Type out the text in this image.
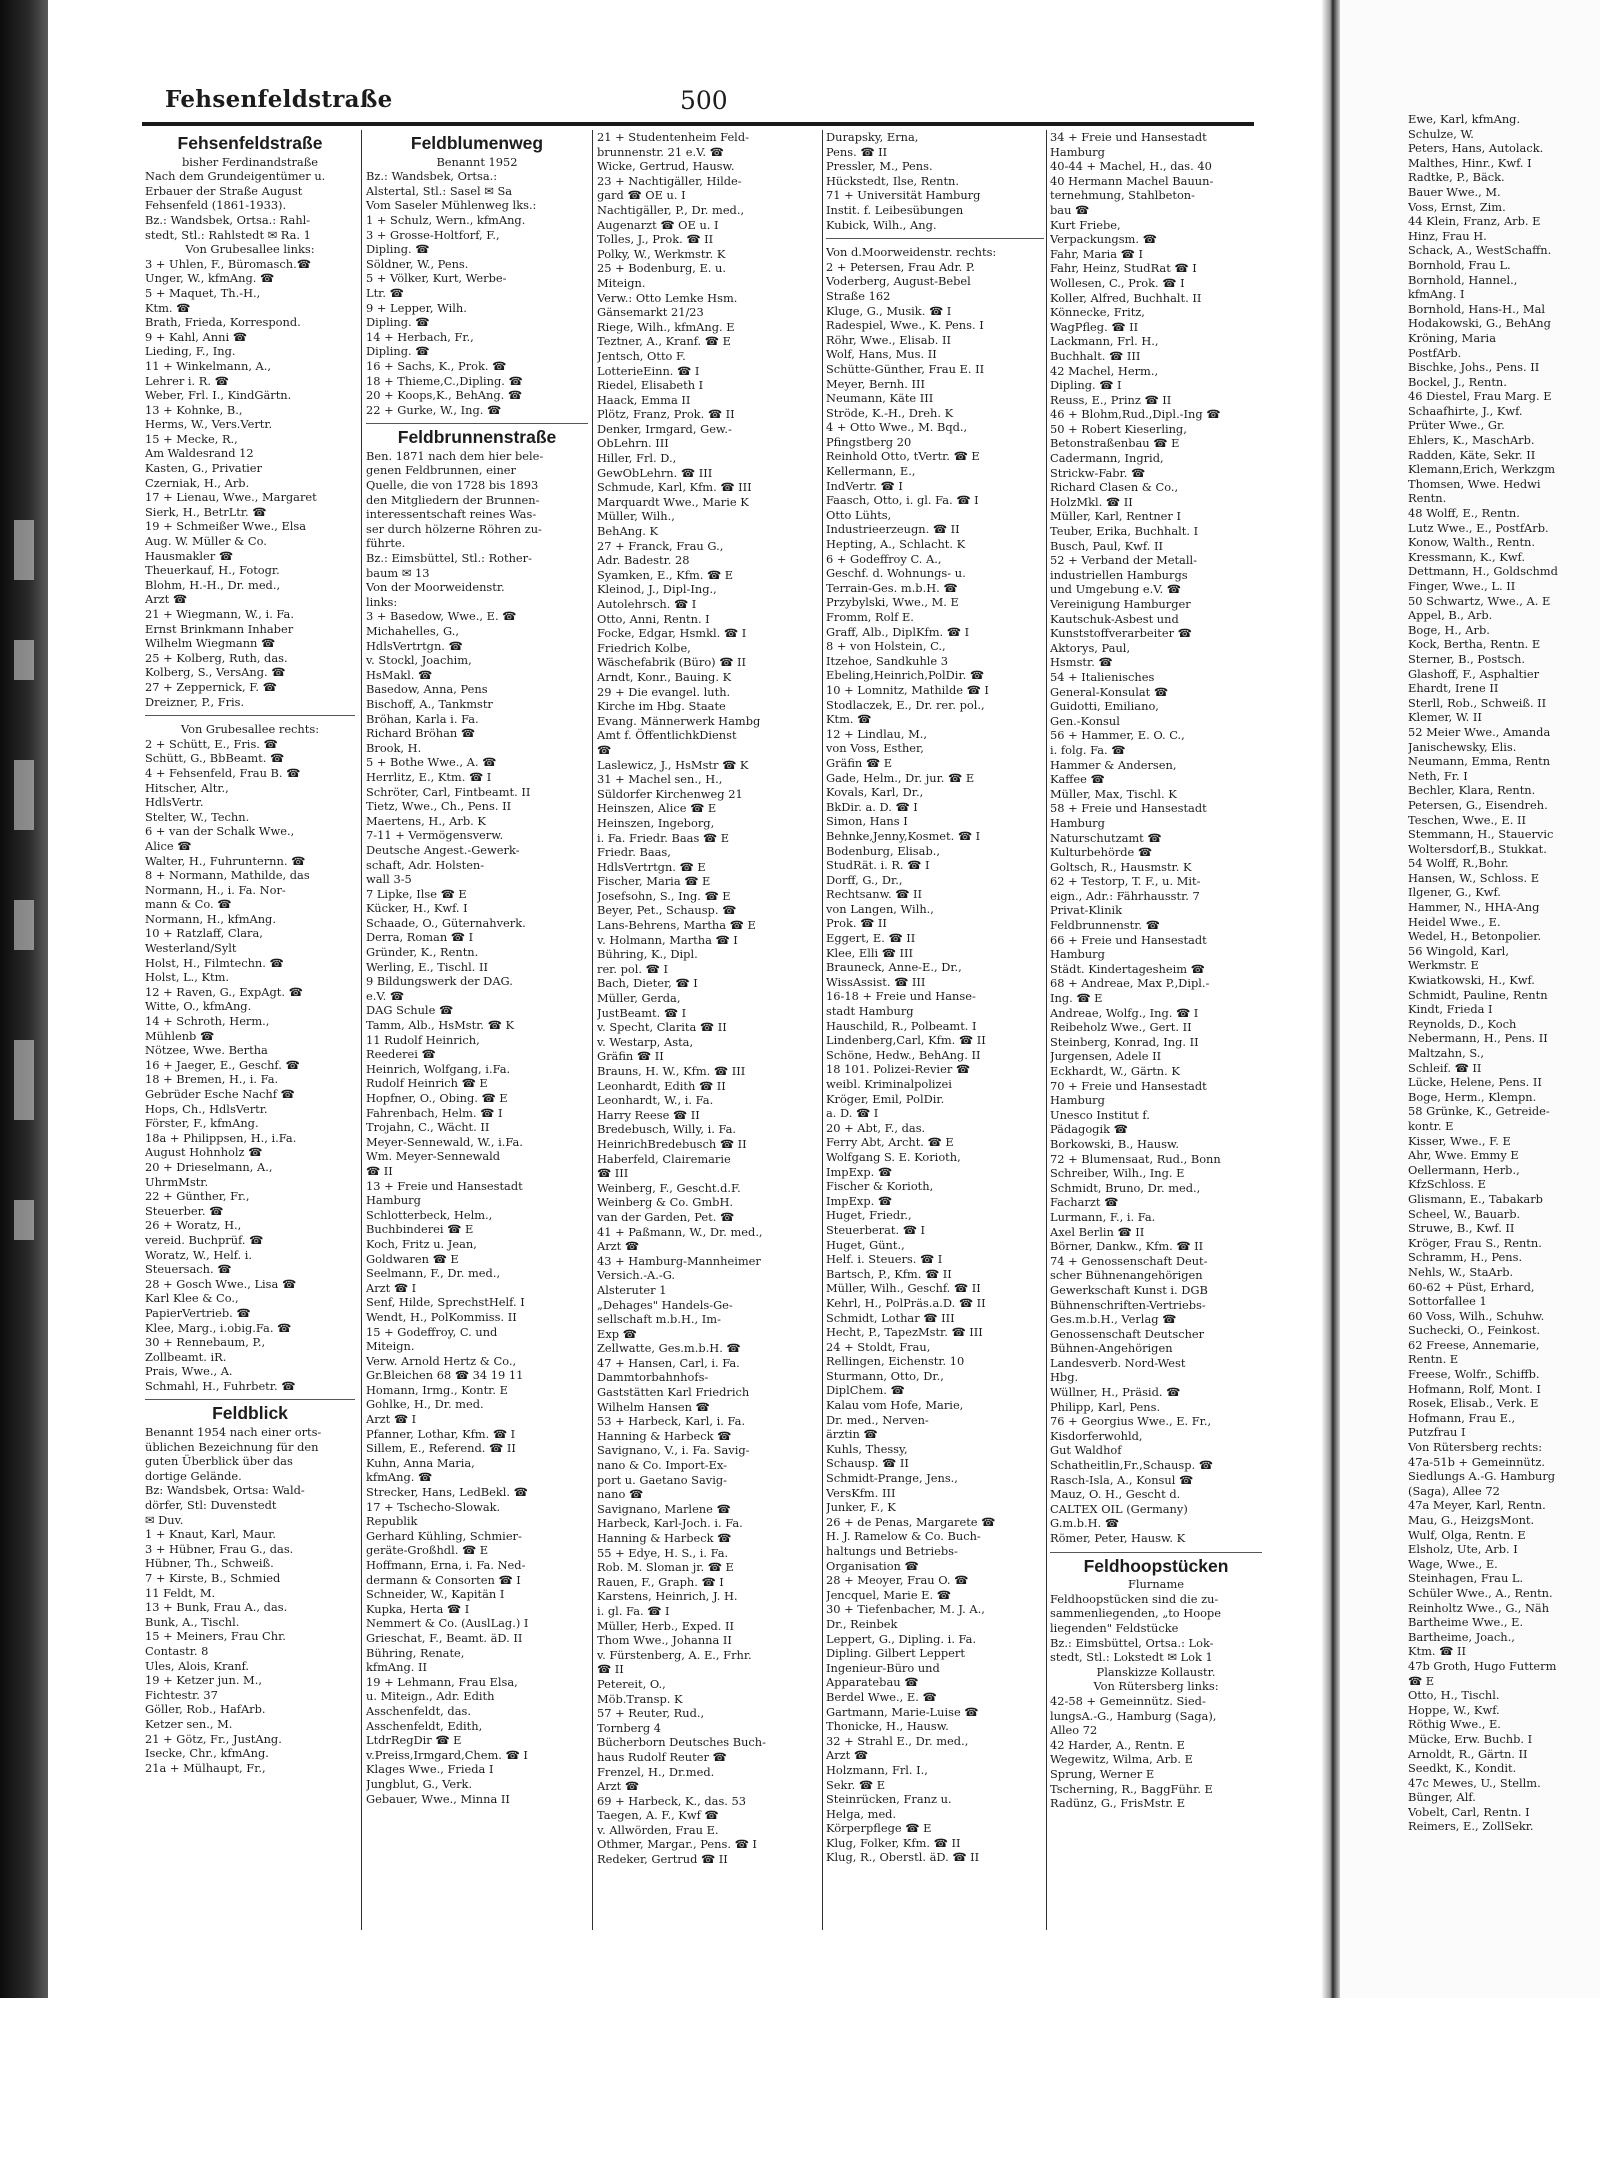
Fehsenfeldstraße	500
Fehsenfeldstraße
bisher Ferdinandstraße
Nach dem Grundeigentümer u.
Erbauer der Straße August
Fehsenfeld (1861-1933).
Bz.: Wandsbek, Ortsa.: Rahl-
stedt, Stl.: Rahlstedt ✉ Ra. 1
Von Grubesallee links:
3 + Uhlen, F., Büromasch.☎
Unger, W., kfmAng. ☎
5 + Maquet, Th.-H.,
Ktm. ☎
Brath, Frieda, Korrespond.
9 + Kahl, Anni ☎
Lieding, F., Ing.
11 + Winkelmann, A.,
Lehrer i. R. ☎
Weber, Frl. I., KindGärtn.
13 + Kohnke, B.,
Herms, W., Vers.Vertr.
15 + Mecke, R.,
Am Waldesrand 12
Kasten, G., Privatier
Czerniak, H., Arb.
17 + Lienau, Wwe., Margaret
Sierk, H., BetrLtr. ☎
19 + Schmeißer Wwe., Elsa
Aug. W. Müller & Co.
Hausmakler ☎
Theuerkauf, H., Fotogr.
Blohm, H.-H., Dr. med.,
Arzt ☎
21 + Wiegmann, W., i. Fa.
Ernst Brinkmann Inhaber
Wilhelm Wiegmann ☎
25 + Kolberg, Ruth, das.
Kolberg, S., VersAng. ☎
27 + Zeppernick, F. ☎
Dreizner, P., Fris.
Von Grubesallee rechts:
2 + Schütt, E., Fris. ☎
Schütt, G., BbBeamt. ☎
4 + Fehsenfeld, Frau B. ☎
Hitscher, Altr.,
HdlsVertr.
Stelter, W., Techn.
6 + van der Schalk Wwe.,
Alice ☎
Walter, H., Fuhrunternn. ☎
8 + Normann, Mathilde, das
Normann, H., i. Fa. Nor-
mann & Co. ☎
Normann, H., kfmAng.
10 + Ratzlaff, Clara,
Westerland/Sylt
Holst, H., Filmtechn. ☎
Holst, L., Ktm.
12 + Raven, G., ExpAgt. ☎
Witte, O., kfmAng.
14 + Schroth, Herm.,
Mühlenb ☎
Nötzee, Wwe. Bertha
16 + Jaeger, E., Geschf. ☎
18 + Bremen, H., i. Fa.
Gebrüder Esche Nachf ☎
Hops, Ch., HdlsVertr.
Förster, F., kfmAng.
18a + Philippsen, H., i.Fa.
August Hohnholz ☎
20 + Drieselmann, A.,
UhrmMstr.
22 + Günther, Fr.,
Steuerber. ☎
26 + Woratz, H.,
vereid. Buchprüf. ☎
Woratz, W., Helf. i.
Steuersach. ☎
28 + Gosch Wwe., Lisa ☎
Karl Klee & Co.,
PapierVertrieb. ☎
Klee, Marg., i.obig.Fa. ☎
30 + Rennebaum, P.,
Zollbeamt. iR.
Prais, Wwe., A.
Schmahl, H., Fuhrbetr. ☎
Feldblick
Benannt 1954 nach einer orts-
üblichen Bezeichnung für den
guten Überblick über das
dortige Gelände.
Bz: Wandsbek, Ortsa: Wald-
dörfer, Stl: Duvenstedt
✉ Duv.
1 + Knaut, Karl, Maur.
3 + Hübner, Frau G., das.
Hübner, Th., Schweiß.
7 + Kirste, B., Schmied
11 Feldt, M.
13 + Bunk, Frau A., das.
Bunk, A., Tischl.
15 + Meiners, Frau Chr.
Contastr. 8
Ules, Alois, Kranf.
19 + Ketzer jun. M.,
Fichtestr. 37
Göller, Rob., HafArb.
Ketzer sen., M.
21 + Götz, Fr., JustAng.
Isecke, Chr., kfmAng.
21a + Mülhaupt, Fr.,
Feldblumenweg
Benannt 1952
Bz.: Wandsbek, Ortsa.:
Alstertal, Stl.: Sasel ✉ Sa
Vom Saseler Mühlenweg lks.:
1 + Schulz, Wern., kfmAng.
3 + Grosse-Holtforf, F.,
Dipling. ☎
Söldner, W., Pens.
5 + Völker, Kurt, Werbe-
Ltr. ☎
9 + Lepper, Wilh.
Dipling. ☎
14 + Herbach, Fr.,
Dipling. ☎
16 + Sachs, K., Prok. ☎
18 + Thieme,C.,Dipling. ☎
20 + Koops,K., BehAng. ☎
22 + Gurke, W., Ing. ☎
Feldbrunnenstraße
Ben. 1871 nach dem hier bele-
genen Feldbrunnen, einer
Quelle, die von 1728 bis 1893
den Mitgliedern der Brunnen-
interessentschaft reines Was-
ser durch hölzerne Röhren zu-
führte.
Bz.: Eimsbüttel, Stl.: Rother-
baum ✉ 13
Von der Moorweidenstr.
links:
3 + Basedow, Wwe., E. ☎
Michahelles, G.,
HdlsVertrtgn. ☎
v. Stockl, Joachim,
HsMakl. ☎
Basedow, Anna, Pens
Bischoff, A., Tankmstr
Bröhan, Karla i. Fa.
Richard Bröhan ☎
Brook, H.
5 + Bothe Wwe., A. ☎
Herrlitz, E., Ktm. ☎ I
Schröter, Carl, Fintbeamt. II
Tietz, Wwe., Ch., Pens. II
Maertens, H., Arb. K
7-11 + Vermögensverw.
Deutsche Angest.-Gewerk-
schaft, Adr. Holsten-
wall 3-5
7 Lipke, Ilse ☎ E
Kücker, H., Kwf. I
Schaade, O., Güternahverk.
Derra, Roman ☎ I
Gründer, K., Rentn.
Werling, E., Tischl. II
9 Bildungswerk der DAG.
e.V. ☎
DAG Schule ☎
Tamm, Alb., HsMstr. ☎ K
11 Rudolf Heinrich,
Reederei ☎
Heinrich, Wolfgang, i.Fa.
Rudolf Heinrich ☎ E
Hopfner, O., Obing. ☎ E
Fahrenbach, Helm. ☎ I
Trojahn, C., Wächt. II
Meyer-Sennewald, W., i.Fa.
Wm. Meyer-Sennewald
☎ II
13 + Freie und Hansestadt
Hamburg
Schlotterbeck, Helm.,
Buchbinderei ☎ E
Koch, Fritz u. Jean,
Goldwaren ☎ E
Seelmann, F., Dr. med.,
Arzt ☎ I
Senf, Hilde, SprechstHelf. I
Wendt, H., PolKommiss. II
15 + Godeffroy, C. und
Miteign.
Verw. Arnold Hertz & Co.,
Gr.Bleichen 68 ☎ 34 19 11
Homann, Irmg., Kontr. E
Gohlke, H., Dr. med.
Arzt ☎ I
Pfanner, Lothar, Kfm. ☎ I
Sillem, E., Referend. ☎ II
Kuhn, Anna Maria,
kfmAng. ☎
Strecker, Hans, LedBekl. ☎
17 + Tschecho-Slowak.
Republik
Gerhard Kühling, Schmier-
geräte-Großhdl. ☎ E
Hoffmann, Erna, i. Fa. Ned-
dermann & Consorten ☎ I
Schneider, W., Kapitän I
Kupka, Herta ☎ I
Nemmert & Co. (AuslLag.) I
Grieschat, F., Beamt. äD. II
Bühring, Renate,
kfmAng. II
19 + Lehmann, Frau Elsa,
u. Miteign., Adr. Edith
Asschenfeldt, das.
Asschenfeldt, Edith,
LtdrRegDir ☎ E
v.Preiss,Irmgard,Chem. ☎ I
Klages Wwe., Frieda I
Jungblut, G., Verk.
Gebauer, Wwe., Minna II
21 + Studentenheim Feld-
brunnenstr. 21 e.V. ☎
Wicke, Gertrud, Hausw.
23 + Nachtigäller, Hilde-
gard ☎ OE u. I
Nachtigäller, P., Dr. med.,
Augenarzt ☎ OE u. I
Tolles, J., Prok. ☎ II
Polky, W., Werkmstr. K
25 + Bodenburg, E. u.
Miteign.
Verw.: Otto Lemke Hsm.
Gänsemarkt 21/23
Riege, Wilh., kfmAng. E
Teztner, A., Kranf. ☎ E
Jentsch, Otto F.
LotterieEinn. ☎ I
Riedel, Elisabeth I
Haack, Emma II
Plötz, Franz, Prok. ☎ II
Denker, Irmgard, Gew.-
ObLehrn. III
Hiller, Frl. D.,
GewObLehrn. ☎ III
Schmude, Karl, Kfm. ☎ III
Marquardt Wwe., Marie K
Müller, Wilh.,
BehAng. K
27 + Franck, Frau G.,
Adr. Badestr. 28
Syamken, E., Kfm. ☎ E
Kleinod, J., Dipl-Ing.,
Autolehrsch. ☎ I
Otto, Anni, Rentn. I
Focke, Edgar, Hsmkl. ☎ I
Friedrich Kolbe,
Wäschefabrik (Büro) ☎ II
Arndt, Konr., Bauing. K
29 + Die evangel. luth.
Kirche im Hbg. Staate
Evang. Männerwerk Hambg
Amt f. ÖffentlichkDienst
☎
Laslewicz, J., HsMstr ☎ K
31 + Machel sen., H.,
Süldorfer Kirchenweg 21
Heinszen, Alice ☎ E
Heinszen, Ingeborg,
i. Fa. Friedr. Baas ☎ E
Friedr. Baas,
HdlsVertrtgn. ☎ E
Fischer, Maria ☎ E
Josefsohn, S., Ing. ☎ E
Beyer, Pet., Schausp. ☎
Lans-Behrens, Martha ☎ E
v. Holmann, Martha ☎ I
Bühring, K., Dipl.
rer. pol. ☎ I
Bach, Dieter, ☎ I
Müller, Gerda,
JustBeamt. ☎ I
v. Specht, Clarita ☎ II
v. Westarp, Asta,
Gräfin ☎ II
Brauns, H. W., Kfm. ☎ III
Leonhardt, Edith ☎ II
Leonhardt, W., i. Fa.
Harry Reese ☎ II
Bredebusch, Willy, i. Fa.
HeinrichBredebusch ☎ II
Haberfeld, Clairemarie
☎ III
Weinberg, F., Gescht.d.F.
Weinberg & Co. GmbH.
van der Garden, Pet. ☎
41 + Paßmann, W., Dr. med.,
Arzt ☎
43 + Hamburg-Mannheimer
Versich.-A.-G.
Alsteruter 1
„Dehages" Handels-Ge-
sellschaft m.b.H., Im-
Exp ☎
Zellwatte, Ges.m.b.H. ☎
47 + Hansen, Carl, i. Fa.
Dammtorbahnhofs-
Gaststätten Karl Friedrich
Wilhelm Hansen ☎
53 + Harbeck, Karl, i. Fa.
Hanning & Harbeck ☎
Savignano, V., i. Fa. Savig-
nano & Co. Import-Ex-
port u. Gaetano Savig-
nano ☎
Savignano, Marlene ☎
Harbeck, Karl-Joch. i. Fa.
Hanning & Harbeck ☎
55 + Edye, H. S., i. Fa.
Rob. M. Sloman jr. ☎ E
Rauen, F., Graph. ☎ I
Karstens, Heinrich, J. H.
i. gl. Fa. ☎ I
Müller, Herb., Exped. II
Thom Wwe., Johanna II
v. Fürstenberg, A. E., Frhr.
☎ II
Petereit, O.,
Möb.Transp. K
57 + Reuter, Rud.,
Tornberg 4
Bücherborn Deutsches Buch-
haus Rudolf Reuter ☎
Frenzel, H., Dr.med.
Arzt ☎
69 + Harbeck, K., das. 53
Taegen, A. F., Kwf ☎
v. Allwörden, Frau E.
Othmer, Margar., Pens. ☎ I
Redeker, Gertrud ☎ II
Durapsky, Erna,
Pens. ☎ II
Pressler, M., Pens.
Hückstedt, Ilse, Rentn.
71 + Universität Hamburg
Instit. f. Leibesübungen
Kubick, Wilh., Ang.
Von d.Moorweidenstr. rechts:
2 + Petersen, Frau Adr. P.
Voderberg, August-Bebel
Straße 162
Kluge, G., Musik. ☎ I
Radespiel, Wwe., K. Pens. I
Röhr, Wwe., Elisab. II
Wolf, Hans, Mus. II
Schütte-Günther, Frau E. II
Meyer, Bernh. III
Neumann, Käte III
Ströde, K.-H., Dreh. K
4 + Otto Wwe., M. Bqd.,
Pfingstberg 20
Reinhold Otto, tVertr. ☎ E
Kellermann, E.,
IndVertr. ☎ I
Faasch, Otto, i. gl. Fa. ☎ I
Otto Lühts,
Industrieerzeugn. ☎ II
Hepting, A., Schlacht. K
6 + Godeffroy C. A.,
Geschf. d. Wohnungs- u.
Terrain-Ges. m.b.H. ☎
Przybylski, Wwe., M. E
Fromm, Rolf E.
Graff, Alb., DiplKfm. ☎ I
8 + von Holstein, C.,
Itzehoe, Sandkuhle 3
Ebeling,Heinrich,PolDir. ☎
10 + Lomnitz, Mathilde ☎ I
Stodlaczek, E., Dr. rer. pol.,
Ktm. ☎
12 + Lindlau, M.,
von Voss, Esther,
Gräfin ☎ E
Gade, Helm., Dr. jur. ☎ E
Kovals, Karl, Dr.,
BkDir. a. D. ☎ I
Simon, Hans I
Behnke,Jenny,Kosmet. ☎ I
Bodenburg, Elisab.,
StudRät. i. R. ☎ I
Dorff, G., Dr.,
Rechtsanw. ☎ II
von Langen, Wilh.,
Prok. ☎ II
Eggert, E. ☎ II
Klee, Elli ☎ III
Brauneck, Anne-E., Dr.,
WissAssist. ☎ III
16-18 + Freie und Hanse-
stadt Hamburg
Hauschild, R., Polbeamt. I
Lindenberg,Carl, Kfm. ☎ II
Schöne, Hedw., BehAng. II
18 101. Polizei-Revier ☎
weibl. Kriminalpolizei
Kröger, Emil, PolDir.
a. D. ☎ I
20 + Abt, F., das.
Ferry Abt, Archt. ☎ E
Wolfgang S. E. Korioth,
ImpExp. ☎
Fischer & Korioth,
ImpExp. ☎
Huget, Friedr.,
Steuerberat. ☎ I
Huget, Günt.,
Helf. i. Steuers. ☎ I
Bartsch, P., Kfm. ☎ II
Müller, Wilh., Geschf. ☎ II
Kehrl, H., PolPräs.a.D. ☎ II
Schmidt, Lothar ☎ III
Hecht, P., TapezMstr. ☎ III
24 + Stoldt, Frau,
Rellingen, Eichenstr. 10
Sturmann, Otto, Dr.,
DiplChem. ☎
Kalau vom Hofe, Marie,
Dr. med., Nerven-
ärztin ☎
Kuhls, Thessy,
Schausp. ☎ II
Schmidt-Prange, Jens.,
VersKfm. III
Junker, F., K
26 + de Penas, Margarete ☎
H. J. Ramelow & Co. Buch-
haltungs und Betriebs-
Organisation ☎
28 + Meoyer, Frau O. ☎
Jencquel, Marie E. ☎
30 + Tiefenbacher, M. J. A.,
Dr., Reinbek
Leppert, G., Dipling. i. Fa.
Dipling. Gilbert Leppert
Ingenieur-Büro und
Apparatebau ☎
Berdel Wwe., E. ☎
Gartmann, Marie-Luise ☎
Thonicke, H., Hausw.
32 + Strahl E., Dr. med.,
Arzt ☎
Holzmann, Frl. I.,
Sekr. ☎ E
Steinrücken, Franz u.
Helga, med.
Körperpflege ☎ E
Klug, Folker, Kfm. ☎ II
Klug, R., Oberstl. äD. ☎ II
34 + Freie und Hansestadt
Hamburg
40-44 + Machel, H., das. 40
40 Hermann Machel Bauun-
ternehmung, Stahlbeton-
bau ☎
Kurt Friebe,
Verpackungsm. ☎
Fahr, Maria ☎ I
Fahr, Heinz, StudRat ☎ I
Wollesen, C., Prok. ☎ I
Koller, Alfred, Buchhalt. II
Könnecke, Fritz,
WagPfleg. ☎ II
Lackmann, Frl. H.,
Buchhalt. ☎ III
42 Machel, Herm.,
Dipling. ☎ I
Reuss, E., Prinz ☎ II
46 + Blohm,Rud.,Dipl.-Ing ☎
50 + Robert Kieserling,
Betonstraßenbau ☎ E
Cadermann, Ingrid,
Strickw-Fabr. ☎
Richard Clasen & Co.,
HolzMkl. ☎ II
Müller, Karl, Rentner I
Teuber, Erika, Buchhalt. I
Busch, Paul, Kwf. II
52 + Verband der Metall-
industriellen Hamburgs
und Umgebung e.V. ☎
Vereinigung Hamburger
Kautschuk-Asbest und
Kunststoffverarbeiter ☎
Aktorys, Paul,
Hsmstr. ☎
54 + Italienisches
General-Konsulat ☎
Guidotti, Emiliano,
Gen.-Konsul
56 + Hammer, E. O. C.,
i. folg. Fa. ☎
Hammer & Andersen,
Kaffee ☎
Müller, Max, Tischl. K
58 + Freie und Hansestadt
Hamburg
Naturschutzamt ☎
Kulturbehörde ☎
Goltsch, R., Hausmstr. K
62 + Testorp, T. F., u. Mit-
eign., Adr.: Fährhausstr. 7
Privat-Klinik
Feldbrunnenstr. ☎
66 + Freie und Hansestadt
Hamburg
Städt. Kindertagesheim ☎
68 + Andreae, Max P.,Dipl.-
Ing. ☎ E
Andreae, Wolfg., Ing. ☎ I
Reibeholz Wwe., Gert. II
Steinberg, Konrad, Ing. II
Jurgensen, Adele II
Eckhardt, W., Gärtn. K
70 + Freie und Hansestadt
Hamburg
Unesco Institut f.
Pädagogik ☎
Borkowski, B., Hausw.
72 + Blumensaat, Rud., Bonn
Schreiber, Wilh., Ing. E
Schmidt, Bruno, Dr. med.,
Facharzt ☎
Lurmann, F., i. Fa.
Axel Berlin ☎ II
Börner, Dankw., Kfm. ☎ II
74 + Genossenschaft Deut-
scher Bühnenangehörigen
Gewerkschaft Kunst i. DGB
Bühnenschriften-Vertriebs-
Ges.m.b.H., Verlag ☎
Genossenschaft Deutscher
Bühnen-Angehörigen
Landesverb. Nord-West
Hbg.
Wüllner, H., Präsid. ☎
Philipp, Karl, Pens.
76 + Georgius Wwe., E. Fr.,
Kisdorferwohld,
Gut Waldhof
Schatheitlin,Fr.,Schausp. ☎
Rasch-Isla, A., Konsul ☎
Mauz, O. H., Gescht d.
CALTEX OIL (Germany)
G.m.b.H. ☎
Römer, Peter, Hausw. K
Feldhoopstücken
Flurname
Feldhoopstücken sind die zu-
sammenliegenden, „to Hoope
liegenden" Feldstücke
Bz.: Eimsbüttel, Ortsa.: Lok-
stedt, Stl.: Lokstedt ✉ Lok 1
Planskizze Kollaustr.
Von Rütersberg links:
42-58 + Gemeinnütz. Sied-
lungsA.-G., Hamburg (Saga),
Alleo 72
42 Harder, A., Rentn. E
Wegewitz, Wilma, Arb. E
Sprung, Werner E
Tscherning, R., BaggFühr. E
Radünz, G., FrisMstr. E
Ewe, Karl, kfmAng.
Schulze, W.
Peters, Hans, Autolack.
Malthes, Hinr., Kwf. I
Radtke, P., Bäck.
Bauer Wwe., M.
Voss, Ernst, Zim.
44 Klein, Franz, Arb. E
Hinz, Frau H.
Schack, A., WestSchaffn.
Bornhold, Frau L.
Bornhold, Hannel.,
kfmAng. I
Bornhold, Hans-H., Mal
Hodakowski, G., BehAng
Kröning, Maria
PostfArb.
Bischke, Johs., Pens. II
Bockel, J., Rentn.
46 Diestel, Frau Marg. E
Schaafhirte, J., Kwf.
Prüter Wwe., Gr.
Ehlers, K., MaschArb.
Radden, Käte, Sekr. II
Klemann,Erich, Werkzgm
Thomsen, Wwe. Hedwi
Rentn.
48 Wolff, E., Rentn.
Lutz Wwe., E., PostfArb.
Konow, Walth., Rentn.
Kressmann, K., Kwf.
Dettmann, H., Goldschmd
Finger, Wwe., L. II
50 Schwartz, Wwe., A. E
Appel, B., Arb.
Boge, H., Arb.
Kock, Bertha, Rentn. E
Sterner, B., Postsch.
Glashoff, F., Asphaltier
Ehardt, Irene II
Sterll, Rob., Schweiß. II
Klemer, W. II
52 Meier Wwe., Amanda
Janischewsky, Elis.
Neumann, Emma, Rentn
Neth, Fr. I
Bechler, Klara, Rentn.
Petersen, G., Eisendreh.
Teschen, Wwe., E. II
Stemmann, H., Stauervic
Woltersdorf,B., Stukkat.
54 Wolff, R.,Bohr.
Hansen, W., Schloss. E
Ilgener, G., Kwf.
Hammer, N., HHA-Ang
Heidel Wwe., E.
Wedel, H., Betonpolier.
56 Wingold, Karl,
Werkmstr. E
Kwiatkowski, H., Kwf.
Schmidt, Pauline, Rentn
Kindt, Frieda I
Reynolds, D., Koch
Nebermann, H., Pens. II
Maltzahn, S.,
Schleif. ☎ II
Lücke, Helene, Pens. II
Boge, Herm., Klempn.
58 Grünke, K., Getreide-
kontr. E
Kisser, Wwe., F. E
Ahr, Wwe. Emmy E
Oellermann, Herb.,
KfzSchloss. E
Glismann, E., Tabakarb
Scheel, W., Bauarb.
Struwe, B., Kwf. II
Kröger, Frau S., Rentn.
Schramm, H., Pens.
Nehls, W., StaArb.
60-62 + Püst, Erhard,
Sottorfallee 1
60 Voss, Wilh., Schuhw.
Suchecki, O., Feinkost.
62 Freese, Annemarie,
Rentn. E
Freese, Wolfr., Schiffb.
Hofmann, Rolf, Mont. I
Rosek, Elisab., Verk. E
Hofmann, Frau E.,
Putzfrau I
Von Rütersberg rechts:
47a-51b + Gemeinnütz.
Siedlungs A.-G. Hamburg
(Saga), Allee 72
47a Meyer, Karl, Rentn.
Mau, G., HeizgsMont.
Wulf, Olga, Rentn. E
Elsholz, Ute, Arb. I
Wage, Wwe., E.
Steinhagen, Frau L.
Schüler Wwe., A., Rentn.
Reinholtz Wwe., G., Näh
Bartheime Wwe., E.
Bartheime, Joach.,
Ktm. ☎ II
47b Groth, Hugo Futterm
☎ E
Otto, H., Tischl.
Hoppe, W., Kwf.
Röthig Wwe., E.
Mücke, Erw. Buchb. I
Arnoldt, R., Gärtn. II
Seedkt, K., Kondit.
47c Mewes, U., Stellm.
Bünger, Alf.
Vobelt, Carl, Rentn. I
Reimers, E., ZollSekr.
